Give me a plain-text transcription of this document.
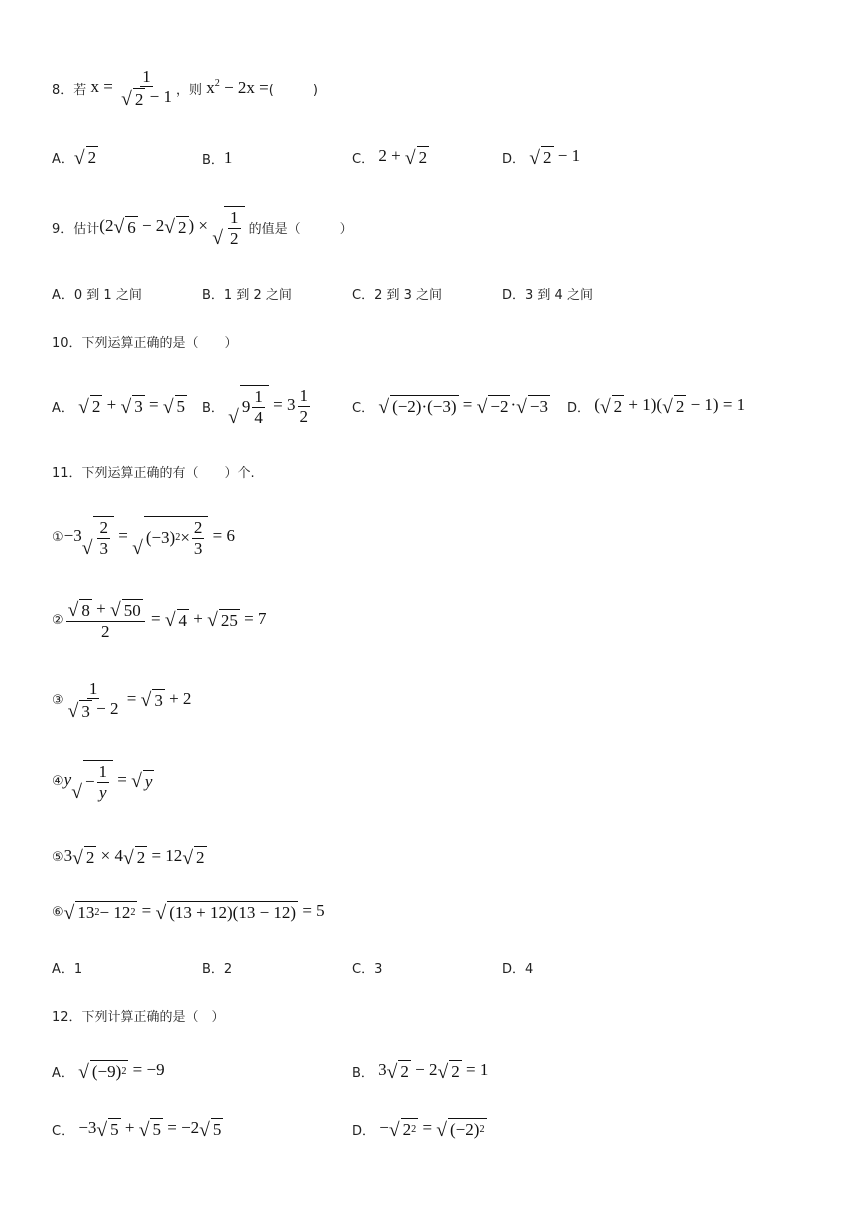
8．若 $x = \frac{1}{√ 2 - 1}$ ，则 $x^2 - 2x$ = (　　　)
A． √ 2	B． 1	C． 2 + √ 2	D．
√ 2 − 1
9．估计 (2 √ 6 − 2 √ 2 ) ×
√ $\frac{1}{2}$ 的值是（　　　）
A．0 到 1 之间	B．1 到 2 之间	C．2 到 3 之间	D．3 到 4 之间
10．下列运算正确的是（　　）
A．
√ 2 + √ 3 = √ 5 B．
√ $9 \frac{1}{4} = 3 \frac{1}{2}$	C．
√ (−2)·(−3) = √ −2 · √ −3 D． ( √ 2 + 1)( √ 2 − 1) = 1
11．下列运算正确的有（　　）个.
① −3
√ $\frac{2}{3}$ =
√ (−3) $2 \times \frac{2}{3} = 6$
② $\frac{√ 8 + √ 50}{2}$ = √ 4 + √ 25 = 7
③ $\frac{1}{√ 3 - 2}$ = √ 3 + 2
④ y
√ − $\frac{1}{y}$ = √ y
⑤ 3 √ 2 × 4 √ 2 = 12 √ 2
⑥ √ 13 2 − 12 2 = √ (13 + 12)(13 − 12) = 5
A．1	B．2	C．3	D．4
12．下列计算正确的是（　）
A．
√ (−9) 2 = −9	B． 3 √ 2 − 2 √ 2 = 1
C． −3 √ 5 + √ 5 = −2 √ 5	D． − √ 2 2 = √ (−2) 2
